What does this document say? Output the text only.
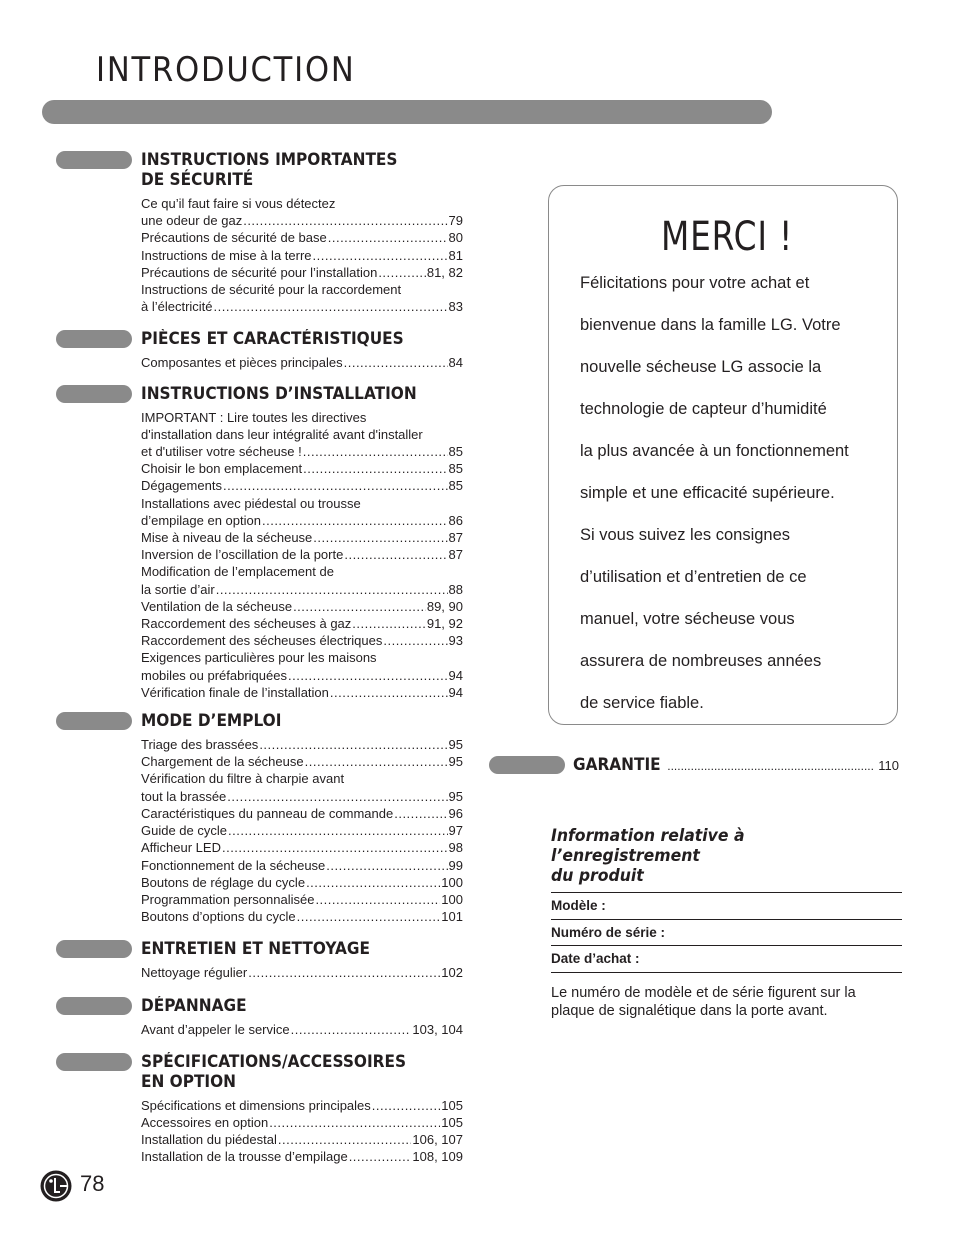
INTRODUCTION
INSTRUCTIONS IMPORTANTES
DE SÉCURITÉ
Ce qu’il faut faire si vous détectez
une odeur de gaz .....	79
Précautions de sécurité de base .....	80
Instructions de mise à la terre .....	81
Précautions de sécurité pour l’installation .....	81, 82
Instructions de sécurité pour la raccordement
à l’électricité .....	83
PIÈCES ET CARACTÉRISTIQUES
Composantes et pièces principales .....	84
INSTRUCTIONS D’INSTALLATION
IMPORTANT : Lire toutes les directives
d'installation dans leur intégralité avant d'installer
et d'utiliser votre sécheuse ! .....	85
Choisir le bon emplacement .....	85
Dégagements .....	85
Installations avec piédestal ou trousse
d’empilage en option .....	86
Mise à niveau de la sécheuse .....	87
Inversion de l’oscillation de la porte .....	87
Modification de l’emplacement de
la sortie d’air .....	88
Ventilation de la sécheuse .....	89, 90
Raccordement des sécheuses à gaz .....	91, 92
Raccordement des sécheuses électriques .....	93
Exigences particulières pour les maisons
mobiles ou préfabriquées .....	94
Vérification finale de l’installation .....	94
MODE D’EMPLOI
Triage des brassées .....	95
Chargement de la sécheuse .....	95
Vérification du filtre à charpie avant
tout la brassée .....	95
Caractéristiques du panneau de commande .....	96
Guide de cycle .....	97
Afficheur LED .....	98
Fonctionnement de la sécheuse .....	99
Boutons de réglage du cycle .....	100
Programmation personnalisée .....	100
Boutons d’options du cycle .....	101
ENTRETIEN ET NETTOYAGE
Nettoyage régulier .....	102
DÉPANNAGE
Avant d’appeler le service .....	103, 104
SPÉCIFICATIONS/ACCESSOIRES
EN OPTION
Spécifications et dimensions principales .....	105
Accessoires en option .....	105
Installation du piédestal .....	106, 107
Installation de la trousse d’empilage .....	108, 109
MERCI !
Félicitations pour votre achat et
bienvenue dans la famille LG. Votre
nouvelle sécheuse LG associe la
technologie de capteur d’humidité
la plus avancée à un fonctionnement
simple et une efficacité supérieure.
Si vous suivez les consignes
d’utilisation et d’entretien de ce
manuel, votre sécheuse vous
assurera de nombreuses années
de service fiable.
GARANTIE .....	110
Information relative à l’enregistrement
du produit
Modèle :
Numéro de série :
Date d’achat :
Le numéro de modèle et de série figurent sur la plaque de signalétique dans la porte avant.
78
